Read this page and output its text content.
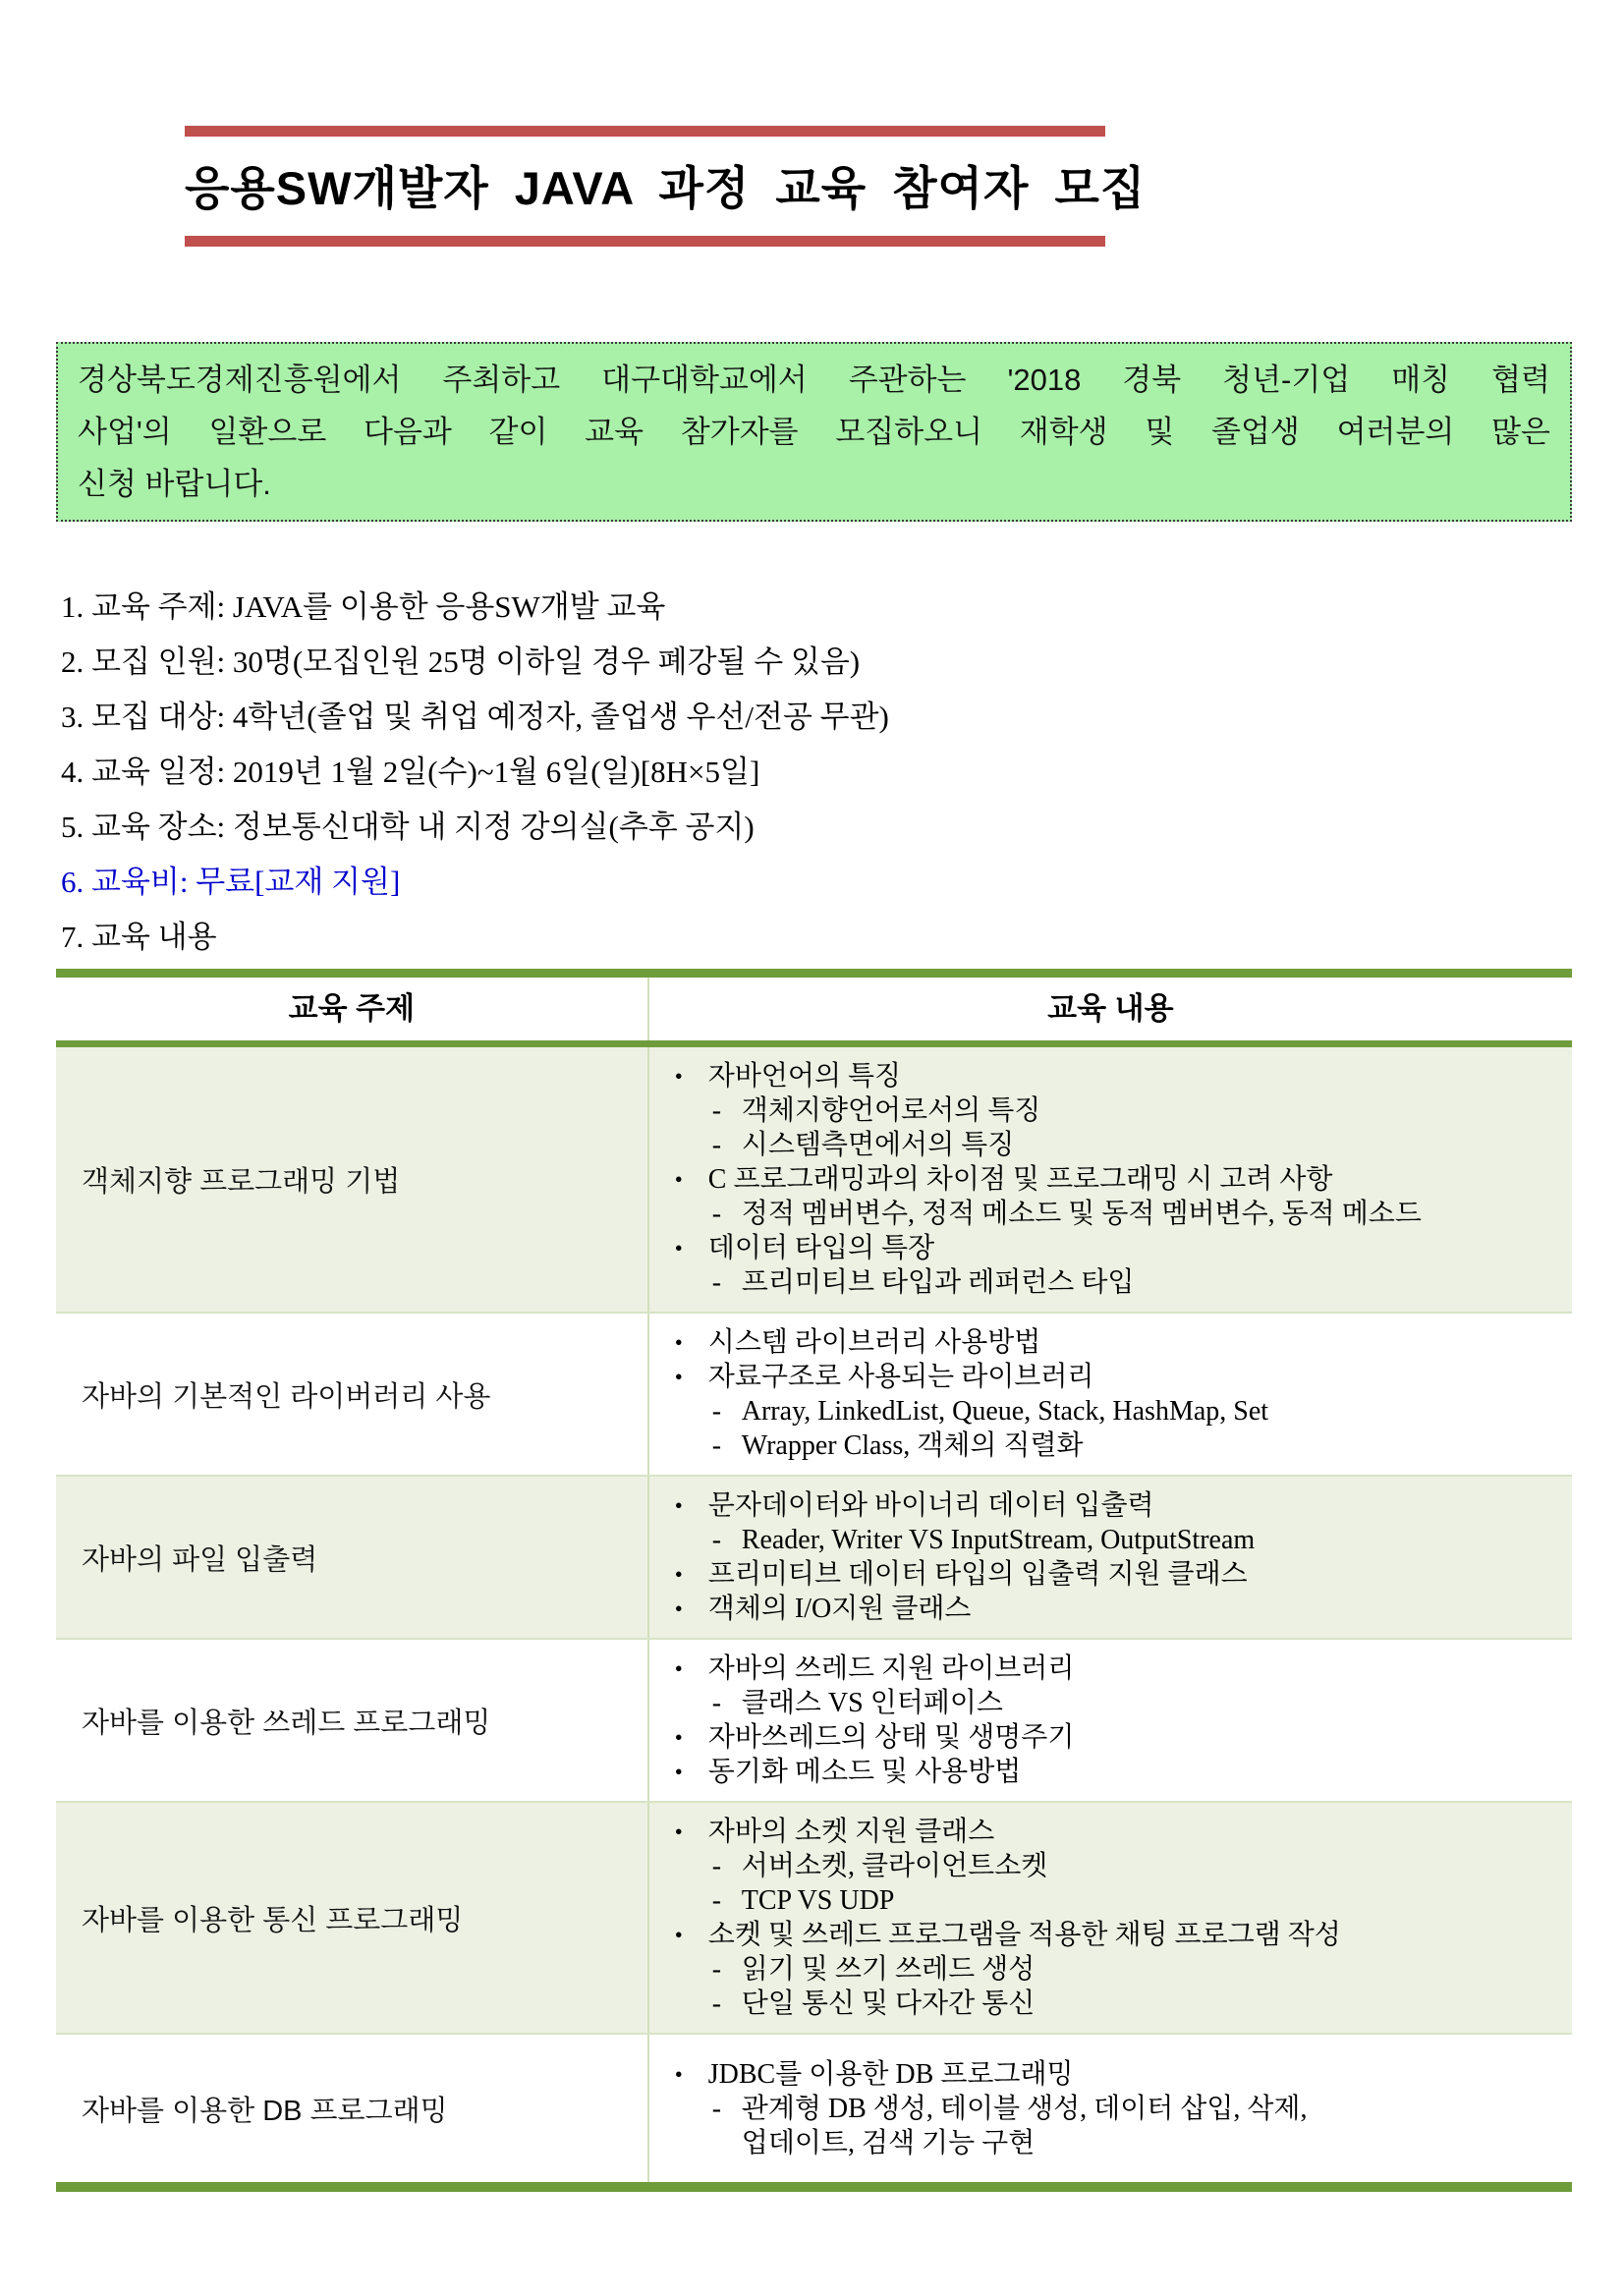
응용SW개발자 JAVA 과정 교육 참여자 모집
경상북도경제진흥원에서 주최하고 대구대학교에서 주관하는 '2018 경북 청년-기업 매칭 협력
사업'의 일환으로 다음과 같이 교육 참가자를 모집하오니 재학생 및 졸업생 여러분의 많은
신청 바랍니다.
1. 교육 주제: JAVA를 이용한 응용SW개발 교육
2. 모집 인원: 30명(모집인원 25명 이하일 경우 폐강될 수 있음)
3. 모집 대상: 4학년(졸업 및 취업 예정자, 졸업생 우선/전공 무관)
4. 교육 일정: 2019년 1월 2일(수)~1월 6일(일)[8H×5일]
5. 교육 장소: 정보통신대학 내 지정 강의실(추후 공지)
6. 교육비: 무료[교재 지원]
7. 교육 내용
교육 주제	교육 내용
객체지향 프로그래밍 기법
• 자바언어의 특징
- 객체지향언어로서의 특징
- 시스템측면에서의 특징
• C 프로그래밍과의 차이점 및 프로그래밍 시 고려 사항
- 정적 멤버변수, 정적 메소드 및 동적 멤버변수, 동적 메소드
• 데이터 타입의 특장
- 프리미티브 타입과 레퍼런스 타입
자바의 기본적인 라이버러리 사용
• 시스템 라이브러리 사용방법
• 자료구조로 사용되는 라이브러리
- Array, LinkedList, Queue, Stack, HashMap, Set
- Wrapper Class, 객체의 직렬화
자바의 파일 입출력
• 문자데이터와 바이너리 데이터 입출력
- Reader, Writer VS InputStream, OutputStream
• 프리미티브 데이터 타입의 입출력 지원 클래스
• 객체의 I/O지원 클래스
자바를 이용한 쓰레드 프로그래밍
• 자바의 쓰레드 지원 라이브러리
- 클래스 VS 인터페이스
• 자바쓰레드의 상태 및 생명주기
• 동기화 메소드 및 사용방법
자바를 이용한 통신 프로그래밍
• 자바의 소켓 지원 클래스
- 서버소켓, 클라이언트소켓
- TCP VS UDP
• 소켓 및 쓰레드 프로그램을 적용한 채팅 프로그램 작성
- 읽기 및 쓰기 쓰레드 생성
- 단일 통신 및 다자간 통신
자바를 이용한 DB 프로그래밍
• JDBC를 이용한 DB 프로그래밍
- 관계형 DB 생성, 테이블 생성, 데이터 삽입, 삭제,
업데이트, 검색 기능 구현
